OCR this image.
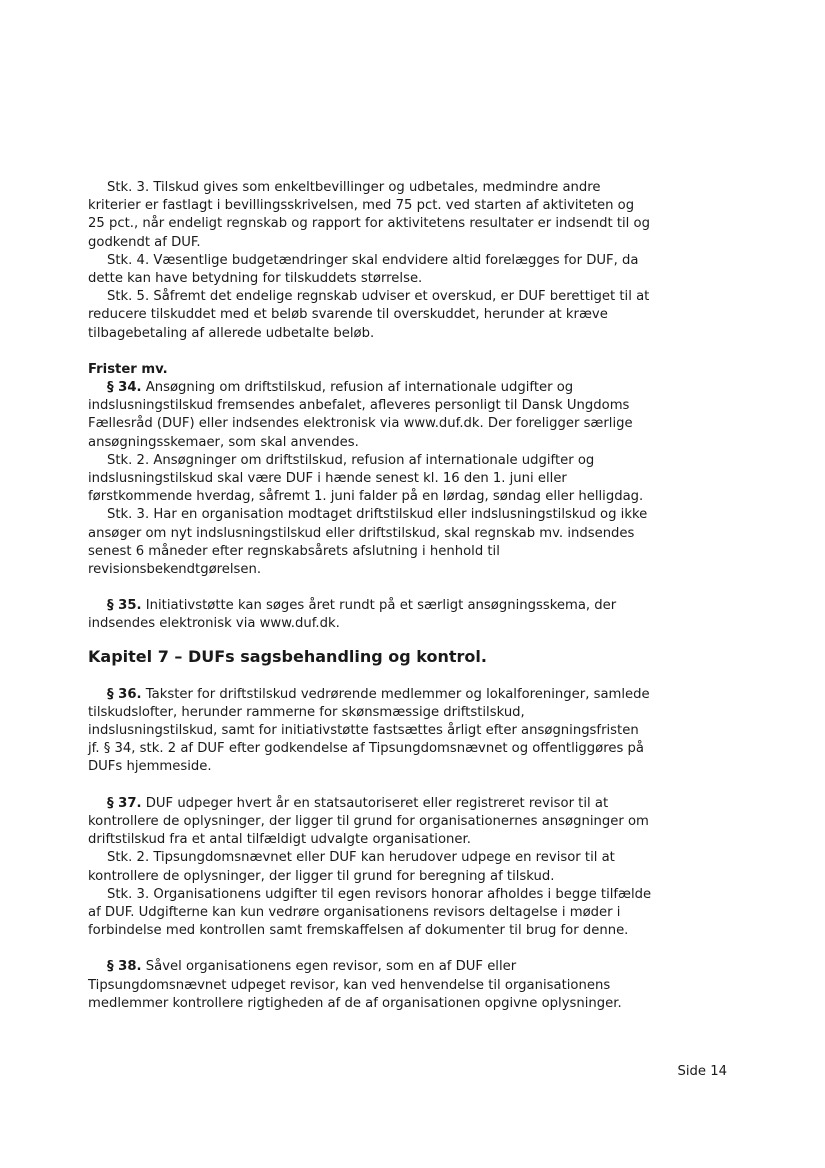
Stk. 3. Tilskud gives som enkeltbevillinger og udbetales, medmindre andre
kriterier er fastlagt i bevillingsskrivelsen, med 75 pct. ved starten af aktiviteten og
25 pct., når endeligt regnskab og rapport for aktivitetens resultater er indsendt til og
godkendt af DUF.
Stk. 4. Væsentlige budgetændringer skal endvidere altid forelægges for DUF, da
dette kan have betydning for tilskuddets størrelse.
Stk. 5. Såfremt det endelige regnskab udviser et overskud, er DUF berettiget til at
reducere tilskuddet med et beløb svarende til overskuddet, herunder at kræve
tilbagebetaling af allerede udbetalte beløb.
Frister mv.
§ 34. Ansøgning om driftstilskud, refusion af internationale udgifter og
indslusningstilskud fremsendes anbefalet, afleveres personligt til Dansk Ungdoms
Fællesråd (DUF) eller indsendes elektronisk via www.duf.dk. Der foreligger særlige
ansøgningsskemaer, som skal anvendes.
Stk. 2. Ansøgninger om driftstilskud, refusion af internationale udgifter og
indslusningstilskud skal være DUF i hænde senest kl. 16 den 1. juni eller
førstkommende hverdag, såfremt 1. juni falder på en lørdag, søndag eller helligdag.
Stk. 3. Har en organisation modtaget driftstilskud eller indslusningstilskud og ikke
ansøger om nyt indslusningstilskud eller driftstilskud, skal regnskab mv. indsendes
senest 6 måneder efter regnskabsårets afslutning i henhold til
revisionsbekendtgørelsen.
§ 35. Initiativstøtte kan søges året rundt på et særligt ansøgningsskema, der
indsendes elektronisk via www.duf.dk.
Kapitel 7 – DUFs sagsbehandling og kontrol.
§ 36. Takster for driftstilskud vedrørende medlemmer og lokalforeninger, samlede
tilskudslofter, herunder rammerne for skønsmæssige driftstilskud,
indslusningstilskud, samt for initiativstøtte fastsættes årligt efter ansøgningsfristen
jf. § 34, stk. 2 af DUF efter godkendelse af Tipsungdomsnævnet og offentliggøres på
DUFs hjemmeside.
§ 37. DUF udpeger hvert år en statsautoriseret eller registreret revisor til at
kontrollere de oplysninger, der ligger til grund for organisationernes ansøgninger om
driftstilskud fra et antal tilfældigt udvalgte organisationer.
Stk. 2. Tipsungdomsnævnet eller DUF kan herudover udpege en revisor til at
kontrollere de oplysninger, der ligger til grund for beregning af tilskud.
Stk. 3. Organisationens udgifter til egen revisors honorar afholdes i begge tilfælde
af DUF. Udgifterne kan kun vedrøre organisationens revisors deltagelse i møder i
forbindelse med kontrollen samt fremskaffelsen af dokumenter til brug for denne.
§ 38. Såvel organisationens egen revisor, som en af DUF eller
Tipsungdomsnævnet udpeget revisor, kan ved henvendelse til organisationens
medlemmer kontrollere rigtigheden af de af organisationen opgivne oplysninger.
Side 14
